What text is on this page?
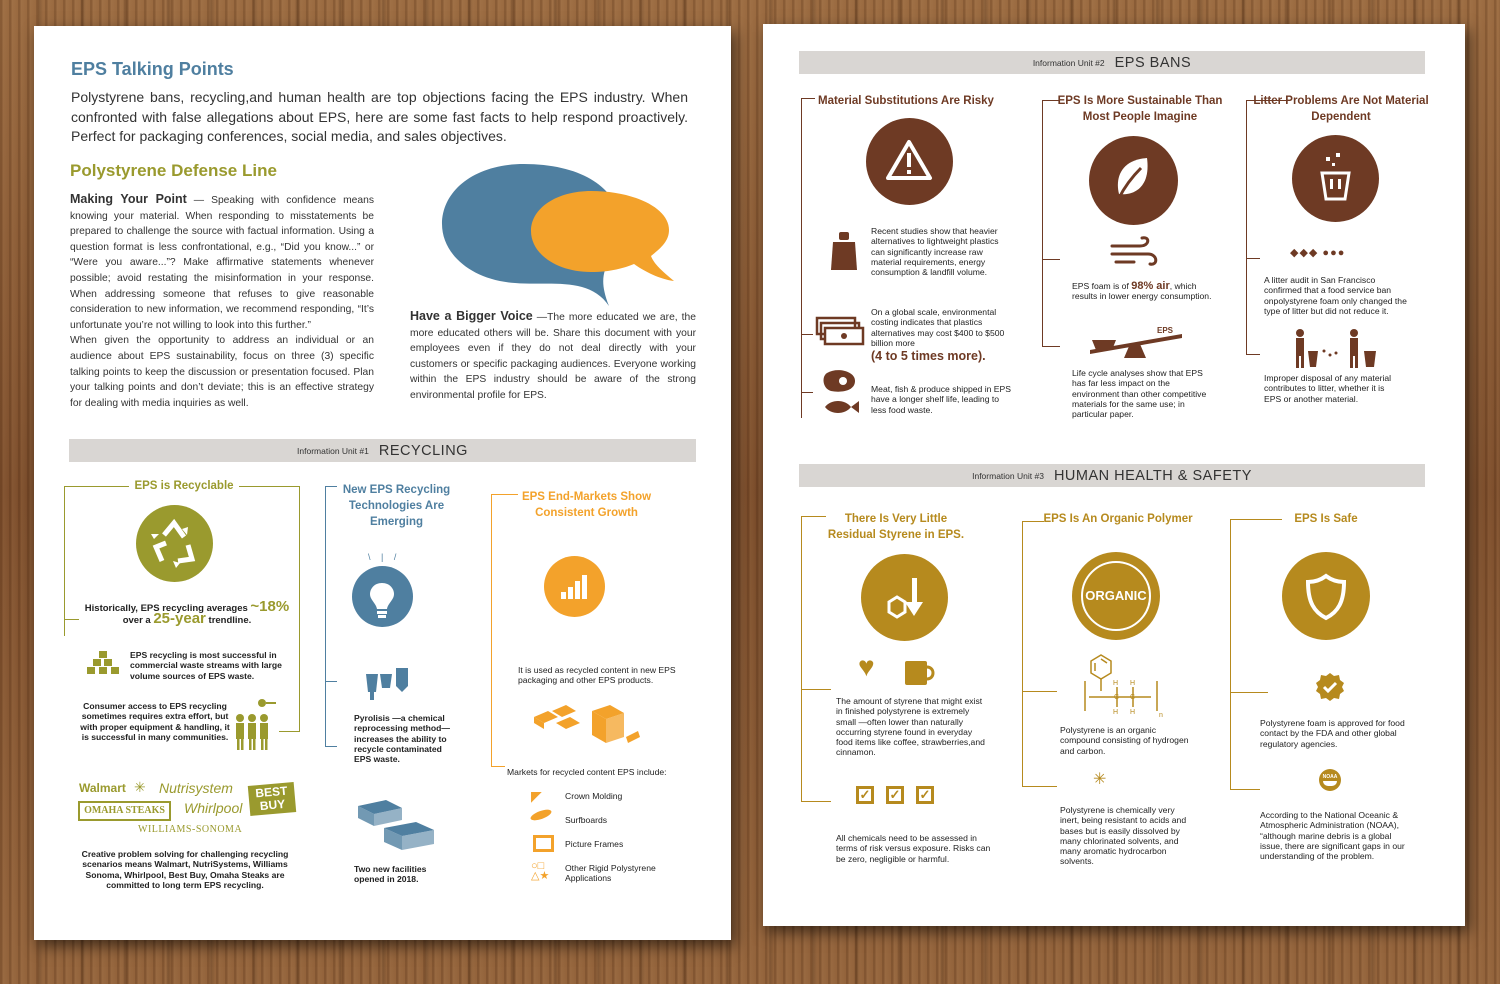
EPS Talking Points
Polystyrene bans, recycling,and human health are top objections facing the EPS industry. When confronted with false allegations about EPS, here are some fast facts to help respond proactively. Perfect for packaging conferences, social media, and sales objectives.
Polystyrene Defense Line
Making Your Point — Speaking with confidence means knowing your material. When responding to misstatements be prepared to challenge the source with factual information. Using a question format is less confrontational, e.g., “Did you know...” or “Were you aware...”? Make affirmative statements whenever possible; avoid restating the misinformation in your response. When addressing someone that refuses to give reasonable consideration to new information, we recommend responding, “It’s unfortunate you’re not willing to look into this further.”
When given the opportunity to address an individual or an audience about EPS sustainability, focus on three (3) specific talking points to keep the discussion or presentation focused. Plan your talking points and don’t deviate; this is an effective strategy for dealing with media inquiries as well.
Have a Bigger Voice —The more educated we are, the more educated others will be. Share this document with your employees even if they do not deal directly with your customers or specific packaging audiences. Everyone working within the EPS industry should be aware of the strong environmental profile for EPS.
Information Unit #1 RECYCLING
EPS is Recyclable
Historically, EPS recycling averages ~18%
over a 25-year trendline.
EPS recycling is most successful in commercial waste streams with large volume sources of EPS waste.
Consumer access to EPS recycling sometimes requires extra effort, but with proper equipment & handling, it is successful in many communities.
Walmart ✳ Nutrisystem	BEST BUY
OMAHA STEAKS	Whirlpool
WILLIAMS-SONOMA
Creative problem solving for challenging recycling scenarios means Walmart, NutriSystems, Williams Sonoma, Whirlpool, Best Buy, Omaha Steaks are committed to long term EPS recycling.
New EPS Recycling Technologies Are Emerging
\ | /
Pyrolisis —a chemical reprocessing method—increases the ability to recycle contaminated EPS waste.
Two new facilities opened in 2018.
EPS End-Markets Show Consistent Growth
It is used as recycled content in new EPS packaging and other EPS products.
Markets for recycled content EPS include:
◤	Crown Molding
Surfboards
Picture Frames
○□
△★
Other Rigid Polystyrene Applications
Information Unit #2 EPS BANS
Material Substitutions Are Risky
Recent studies show that heavier alternatives to lightweight plastics can significantly increase raw material requirements, energy consumption & landfill volume.
On a global scale, environmental costing indicates that plastics alternatives may cost $400 to $500 billion more
(4 to 5 times more).
Meat, fish & produce shipped in EPS have a longer shelf life, leading to less food waste.
EPS Is More Sustainable Than Most People Imagine
EPS foam is of 98% air, which results in lower energy consumption.
EPS
Life cycle analyses show that EPS has far less impact on the environment than other competitive materials for the same use; in particular paper.
Litter Problems Are Not Material Dependent
◆◆◆ ●●●
A litter audit in San Francisco confirmed that a food service ban onpolystyrene foam only changed the type of litter but did not reduce it.
Improper disposal of any material contributes to litter, whether it is EPS or another material.
Information Unit #3 HUMAN HEALTH & SAFETY
There Is Very Little Residual Styrene in EPS.
♥
The amount of styrene that might exist in finished polystyrene is extremely small —often lower than naturally occurring styrene found in everyday food items like coffee, strawberries,and cinnamon.
✓ ✓ ✓
All chemicals need to be assessed in terms of risk versus exposure. Risks can be zero, negligible or harmful.
EPS Is An Organic Polymer
ORGANIC
H H
C C
H H	n
Polystyrene is an organic compound consisting of hydrogen and carbon.
✳
Polystyrene is chemically very inert, being resistant to acids and bases but is easily dissolved by many chlorinated solvents, and many aromatic hydrocarbon solvents.
EPS Is Safe
Polystyrene foam is approved for food contact by the FDA and other global regulatory agencies.
NOAA
According to the National Oceanic & Atmospheric Administration (NOAA), “although marine debris is a global issue, there are significant gaps in our understanding of the problem.
